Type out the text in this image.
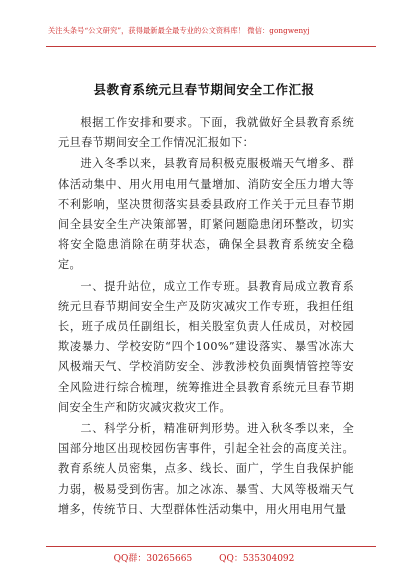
关注头条号“公文研究”，获得最新最全最专业的公文资料库！ 微信：gongwenyj
县教育系统元旦春节期间安全工作汇报

根据工作安排和要求。下面，我就做好全县教育系统元旦春节期间安全工作情况汇报如下：

进入冬季以来，县教育局积极克服极端天气增多、群体活动集中、用火用电用气量增加、消防安全压力增大等不利影响，坚决贯彻落实县委县政府工作关于元旦春节期间全县安全生产决策部署，盯紧问题隐患闭环整改，切实将安全隐患消除在萌芽状态，确保全县教育系统安全稳定。

一、提升站位，成立工作专班。县教育局成立教育系统元旦春节期间安全生产及防灾减灾工作专班，我担任组长，班子成员任副组长，相关股室负责人任成员，对校园欺凌暴力、学校安防“四个100%”建设落实、暴雪冰冻大风极端天气、学校消防安全、涉教涉校负面舆情管控等安全风险进行综合梳理，统筹推进全县教育系统元旦春节期间安全生产和防灾减灾救灾工作。

二、科学分析，精准研判形势。进入秋冬季以来，全国部分地区出现校园伤害事件，引起全社会的高度关注。教育系统人员密集，点多、线长、面广，学生自我保护能力弱，极易受到伤害。加之冰冻、暴雪、大风等极端天气增多，传统节日、大型群体性活动集中，用火用电用气量

QQ群：30265665	QQ：535304092
